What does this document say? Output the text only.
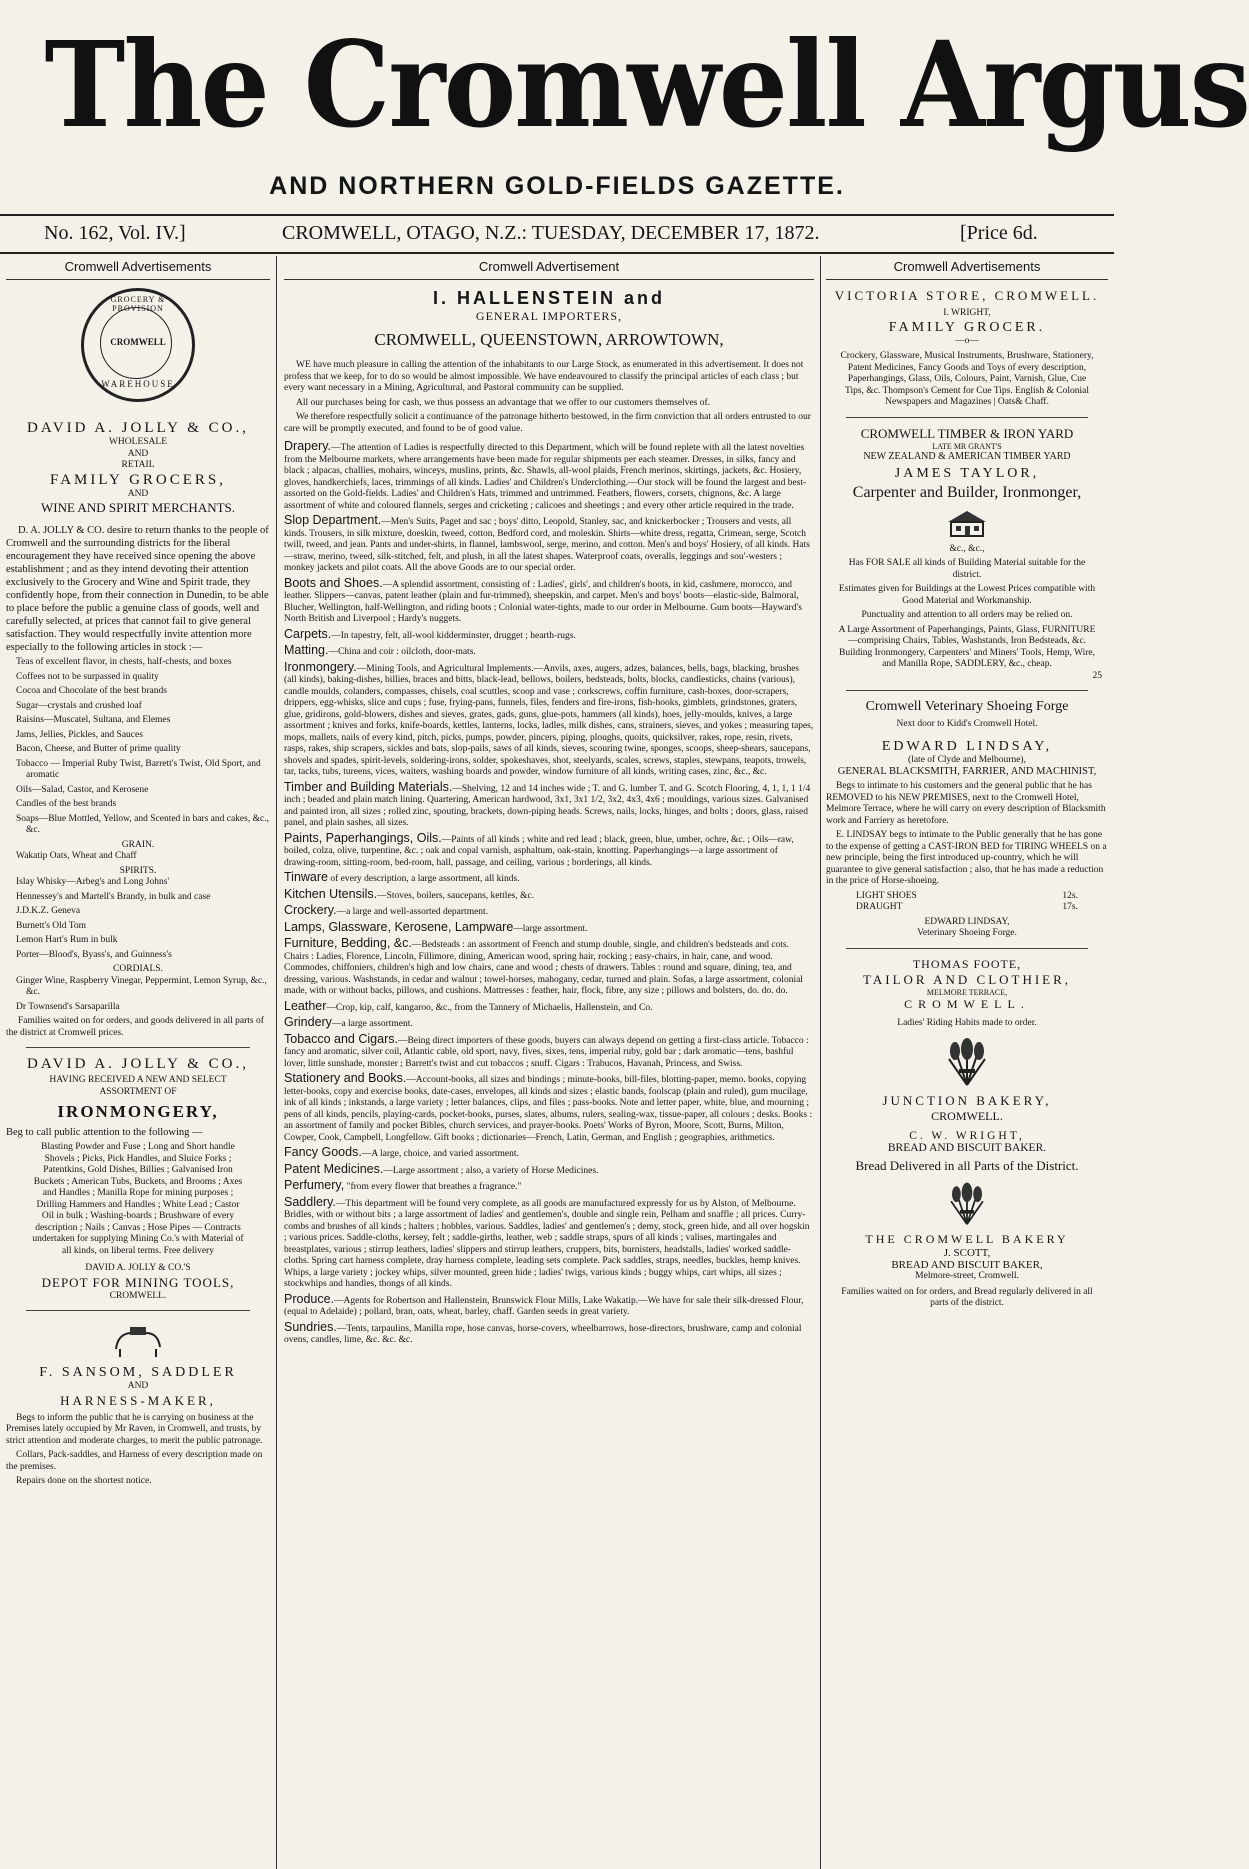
The Cromwell Argus
AND NORTHERN GOLD-FIELDS GAZETTE.
No. 162, Vol. IV.]	CROMWELL, OTAGO, N.Z.: TUESDAY, DECEMBER 17, 1872.	[Price 6d.
Cromwell Advertisements
GROCERY & PROVISION
CROMWELL
WAREHOUSE
DAVID A. JOLLY & CO.,
WHOLESALE
AND
RETAIL
FAMILY GROCERS,
AND
WINE AND SPIRIT MERCHANTS.

D. A. JOLLY & CO. desire to return thanks to the people of Cromwell and the surrounding districts for the liberal encouragement they have received since opening the above establishment ; and as they intend devoting their attention exclusively to the Grocery and Wine and Spirit trade, they confidently hope, from their connection in Dunedin, to be able to place before the public a genuine class of goods, well and carefully selected, at prices that cannot fail to give general satisfaction. They would respectfully invite attention more especially to the following articles in stock :—

Teas of excellent flavor, in chests, half-chests, and boxes

Coffees not to be surpassed in quality

Cocoa and Chocolate of the best brands

Sugar—crystals and crushed loaf

Raisins—Muscatel, Sultana, and Elemes

Jams, Jellies, Pickles, and Sauces

Bacon, Cheese, and Butter of prime quality

Tobacco — Imperial Ruby Twist, Barrett's Twist, Old Sport, and aromatic

Oils—Salad, Castor, and Kerosene

Candles of the best brands

Soaps—Blue Mottled, Yellow, and Scented in bars and cakes, &c., &c.

GRAIN.

Wakatip Oats, Wheat and Chaff

SPIRITS.

Islay Whisky—Arbeg's and Long Johns'

Hennessey's and Martell's Brandy, in bulk and case

J.D.K.Z. Geneva

Burnett's Old Tom

Lemon Hart's Rum in bulk

Porter—Blood's, Byass's, and Guinness's

CORDIALS.

Ginger Wine, Raspberry Vinegar, Peppermint, Lemon Syrup, &c., &c.

Dr Townsend's Sarsaparilla

Families waited on for orders, and goods delivered in all parts of the district at Cromwell prices.

DAVID A. JOLLY & CO.,
HAVING RECEIVED A NEW AND SELECT ASSORTMENT OF
IRONMONGERY,

Beg to call public attention to the following —

Blasting Powder and Fuse ; Long and Short handle Shovels ; Picks, Pick Handles, and Sluice Forks ; Patentkins, Gold Dishes, Billies ; Galvanised Iron Buckets ; American Tubs, Buckets, and Brooms ; Axes and Handles ; Manilla Rope for mining purposes ; Drilling Hammers and Handles ; White Lead ; Castor Oil in bulk ; Washing-boards ; Brushware of every description ; Nails ; Canvas ; Hose Pipes — Contracts undertaken for supplying Mining Co.'s with Material of all kinds, on liberal terms. Free delivery

DAVID A. JOLLY & CO.'S
DEPOT FOR MINING TOOLS,
CROMWELL.
F. SANSOM, SADDLER
AND
HARNESS-MAKER,

Begs to inform the public that he is carrying on business at the Premises lately occupied by Mr Raven, in Cromwell, and trusts, by strict attention and moderate charges, to merit the public patronage.

Collars, Pack-saddles, and Harness of every description made on the premises.

Repairs done on the shortest notice.

Cromwell Advertisement
I. HALLENSTEIN and
GENERAL IMPORTERS,
CROMWELL, QUEENSTOWN, ARROWTOWN,

WE have much pleasure in calling the attention of the inhabitants to our Large Stock, as enumerated in this advertisement. It does not profess that we keep, for to do so would be almost impossible. We have endeavoured to classify the principal articles of each class ; but every want necessary in a Mining, Agricultural, and Pastoral community can be supplied.

All our purchases being for cash, we thus possess an advantage that we offer to our customers themselves of.

We therefore respectfully solicit a continuance of the patronage hitherto bestowed, in the firm conviction that all orders entrusted to our care will be promptly executed, and found to be of good value.

Drapery.—The attention of Ladies is respectfully directed to this Department, which will be found replete with all the latest novelties from the Melbourne markets, where arrangements have been made for regular shipments per each steamer. Dresses, in silks, fancy and black ; alpacas, challies, mohairs, winceys, muslins, prints, &c. Shawls, all-wool plaids, French merinos, skirtings, jackets, &c. Hosiery, gloves, handkerchiefs, laces, trimmings of all kinds. Ladies' and Children's Underclothing.—Our stock will be found the largest and best-assorted on the Gold-fields. Ladies' and Children's Hats, trimmed and untrimmed. Feathers, flowers, corsets, chignons, &c. A large assortment of white and coloured flannels, serges and cricketing ; calicoes and sheetings ; and every other article required in the trade.

Slop Department.—Men's Suits, Paget and sac ; boys' ditto, Leopold, Stanley, sac, and knickerbocker ; Trousers and vests, all kinds. Trousers, in silk mixture, doeskin, tweed, cotton, Bedford cord, and moleskin. Shirts—white dress, regatta, Crimean, serge, Scotch twill, tweed, and jean. Pants and under-shirts, in flannel, lambswool, serge, merino, and cotton. Men's and boys' Hosiery, of all kinds. Hats—straw, merino, tweed, silk-stitched, felt, and plush, in all the latest shapes. Waterproof coats, overalls, leggings and sou'-westers ; monkey jackets and pilot coats. All the above Goods are to our special order.

Boots and Shoes.—A splendid assortment, consisting of : Ladies', girls', and children's boots, in kid, cashmere, morocco, and leather. Slippers—canvas, patent leather (plain and fur-trimmed), sheepskin, and carpet. Men's and boys' boots—elastic-side, Balmoral, Blucher, Wellington, half-Wellington, and riding boots ; Colonial water-tights, made to our order in Melbourne. Gum boots—Hayward's North British and Liverpool ; Hardy's nuggets.

Carpets.—In tapestry, felt, all-wool kidderminster, drugget ; hearth-rugs.

Matting.—China and coir : oilcloth, door-mats.

Ironmongery.—Mining Tools, and Agricultural Implements.—Anvils, axes, augers, adzes, balances, bells, bags, blacking, brushes (all kinds), baking-dishes, billies, braces and bitts, black-lead, bellows, boilers, bedsteads, bolts, blocks, candlesticks, chains (various), candle moulds, colanders, compasses, chisels, coal scuttles, scoop and vase ; corkscrews, coffin furniture, cash-boxes, door-scrapers, drippers, egg-whisks, slice and cups ; fuse, frying-pans, funnels, files, fenders and fire-irons, fish-hooks, gimblets, grindstones, graters, glue, gridirons, gold-blowers, dishes and sieves, grates, gads, guns, glue-pots, hammers (all kinds), hoes, jelly-moulds, knives, a large assortment ; knives and forks, knife-boards, kettles, lanterns, locks, ladles, milk dishes, cans, strainers, sieves, and yokes ; measuring tapes, mops, mallets, nails of every kind, pitch, picks, pumps, powder, pincers, piping, ploughs, quoits, quicksilver, rakes, rope, resin, rivets, rasps, rakes, ship scrapers, sickles and bats, slop-pails, saws of all kinds, sieves, scouring twine, sponges, scoops, sheep-shears, saucepans, shovels and spades, spirit-levels, soldering-irons, solder, spokeshaves, shot, steelyards, scales, screws, staples, stewpans, teapots, trowels, tar, tacks, tubs, tureens, vices, waiters, washing boards and powder, window furniture of all kinds, writing cases, zinc, &c., &c.

Timber and Building Materials.—Shelving, 12 and 14 inches wide ; T. and G. lumber T. and G. Scotch Flooring, 4, 1, 1, 1 1/4 inch ; beaded and plain match lining. Quartering, American hardwood, 3x1, 3x1 1/2, 3x2, 4x3, 4x6 ; mouldings, various sizes. Galvanised and painted iron, all sizes ; rolled zinc, spouting, brackets, down-piping heads. Screws, nails, locks, hinges, and bolts ; doors, glass, raised panel, and plain sashes, all sizes.

Paints, Paperhangings, Oils.—Paints of all kinds ; white and red lead ; black, green, blue, umber, ochre, &c. ; Oils—raw, boiled, colza, olive, turpentine, &c. ; oak and copal varnish, asphaltum, oak-stain, knotting. Paperhangings—a large assortment of drawing-room, sitting-room, bed-room, hall, passage, and ceiling, various ; borderings, all kinds.

Tinware of every description, a large assortment, all kinds.

Kitchen Utensils.—Stoves, boilers, saucepans, kettles, &c.

Crockery.—a large and well-assorted department.

Lamps, Glassware, Kerosene, Lampware—large assortment.

Furniture, Bedding, &c.—Bedsteads : an assortment of French and stump double, single, and children's bedsteads and cots. Chairs : Ladies, Florence, Lincoln, Fillimore, dining, American wood, spring hair, rocking ; easy-chairs, in hair, cane, and wood. Commodes, chiffoniers, children's high and low chairs, cane and wood ; chests of drawers. Tables : round and square, dining, tea, and dressing, various. Washstands, in cedar and walnut ; towel-horses, mahogany, cedar, turned and plain. Sofas, a large assortment, colonial made, with or without backs, pillows, and cushions. Mattresses : feather, hair, flock, fibre, any size ; pillows and bolsters, do. do. do.

Leather—Crop, kip, calf, kangaroo, &c., from the Tannery of Michaelis, Hallenstein, and Co.

Grindery—a large assortment.

Tobacco and Cigars.—Being direct importers of these goods, buyers can always depend on getting a first-class article. Tobacco : fancy and aromatic, silver coil, Atlantic cable, old sport, navy, fives, sixes, tens, imperial ruby, gold bar ; dark aromatic—tens, bashful lover, little sunshade, monster ; Barrett's twist and cut tobaccos ; snuff. Cigars : Trabucos, Havanah, Princess, and Swiss.

Stationery and Books.—Account-books, all sizes and bindings ; minute-books, bill-files, blotting-paper, memo. books, copying letter-books, copy and exercise books, date-cases, envelopes, all kinds and sizes ; elastic bands, foolscap (plain and ruled), gum mucilage, ink of all kinds ; inkstands, a large variety ; letter balances, clips, and files ; pass-books. Note and letter paper, white, blue, and mourning ; pens of all kinds, pencils, playing-cards, pocket-books, purses, slates, albums, rulers, sealing-wax, tissue-paper, all colours ; desks. Books : an assortment of family and pocket Bibles, church services, and prayer-books. Poets' Works of Byron, Moore, Scott, Burns, Milton, Cowper, Cook, Campbell, Longfellow. Gift books ; dictionaries—French, Latin, German, and English ; geographies, arithmetics.

Fancy Goods.—A large, choice, and varied assortment.

Patent Medicines.—Large assortment ; also, a variety of Horse Medicines.

Perfumery, "from every flower that breathes a fragrance."

Saddlery.—This department will be found very complete, as all goods are manufactured expressly for us by Alston, of Melbourne. Bridles, with or without bits ; a large assortment of ladies' and gentlemen's, double and single rein, Pelham and snaffle ; all prices. Curry-combs and brushes of all kinds ; halters ; hobbles, various. Saddles, ladies' and gentlemen's ; demy, stock, green hide, and all over hogskin ; various prices. Saddle-cloths, kersey, felt ; saddle-girths, leather, web ; saddle straps, spurs of all kinds ; valises, martingales and breastplates, various ; stirrup leathers, ladies' slippers and stirrup leathers, cruppers, bits, burnisters, headstalls, ladies' worked saddle-cloths. Spring cart harness complete, dray harness complete, leading sets complete. Pack saddles, straps, needles, buckles, hemp knives. Whips, a large variety ; jockey whips, silver mounted, green hide ; ladies' twigs, various kinds ; buggy whips, cart whips, all sizes ; stockwhips and handles, thongs of all kinds.

Produce.—Agents for Robertson and Hallenstein, Brunswick Flour Mills, Lake Wakatip.—We have for sale their silk-dressed Flour, (equal to Adelaide) ; pollard, bran, oats, wheat, barley, chaff. Garden seeds in great variety.

Sundries.—Tents, tarpaulins, Manilla rope, hose canvas, horse-covers, wheelbarrows, hose-directors, brushware, camp and colonial ovens, candles, lime, &c. &c. &c.

Cromwell Advertisements
VICTORIA STORE, CROMWELL.
I. WRIGHT,
FAMILY GROCER.
—o—

Crockery, Glassware, Musical Instruments, Brushware, Stationery, Patent Medicines, Fancy Goods and Toys of every description, Paperhangings, Glass, Oils, Colours, Paint, Varnish, Glue, Cue Tips, &c. Thompson's Cement for Cue Tips. English & Colonial Newspapers and Magazines | Oats& Chaff.

CROMWELL TIMBER & IRON YARD
LATE MR GRANT'S
NEW ZEALAND & AMERICAN TIMBER YARD
JAMES TAYLOR,
Carpenter and Builder, Ironmonger,
&c., &c.,

Has FOR SALE all kinds of Building Material suitable for the district.

Estimates given for Buildings at the Lowest Prices compatible with Good Material and Workmanship.

Punctuality and attention to all orders may be relied on.

A Large Assortment of Paperhangings, Paints, Glass, FURNITURE—comprising Chairs, Tables, Washstands, Iron Bedsteads, &c. Building Ironmongery, Carpenters' and Miners' Tools, Hemp, Wire, and Manilla Rope, SADDLERY, &c., cheap.

25
Cromwell Veterinary Shoeing Forge
Next door to Kidd's Cromwell Hotel.
EDWARD LINDSAY,
(late of Clyde and Melbourne),
GENERAL BLACKSMITH, FARRIER, AND MACHINIST,

Begs to intimate to his customers and the general public that he has REMOVED to his NEW PREMISES, next to the Cromwell Hotel, Melmore Terrace, where he will carry on every description of Blacksmith work and Farriery as heretofore.

E. LINDSAY begs to intimate to the Public generally that he has gone to the expense of getting a CAST-IRON BED for TIRING WHEELS on a new principle, being the first introduced up-country, which he will guarantee to give general satisfaction ; also, that he has made a reduction in the price of Horse-shoeing.

LIGHT SHOES	12s.
DRAUGHT	17s.
EDWARD LINDSAY,
Veterinary Shoeing Forge.
THOMAS FOOTE,
TAILOR AND CLOTHIER,
MELMORE TERRACE,
CROMWELL.
Ladies' Riding Habits made to order.
JUNCTION BAKERY,
CROMWELL.
C. W. WRIGHT,
BREAD AND BISCUIT BAKER.
Bread Delivered in all Parts of the District.
THE CROMWELL BAKERY
J. SCOTT,
BREAD AND BISCUIT BAKER,
Melmore-street, Cromwell.

Families waited on for orders, and Bread regularly delivered in all parts of the district.
